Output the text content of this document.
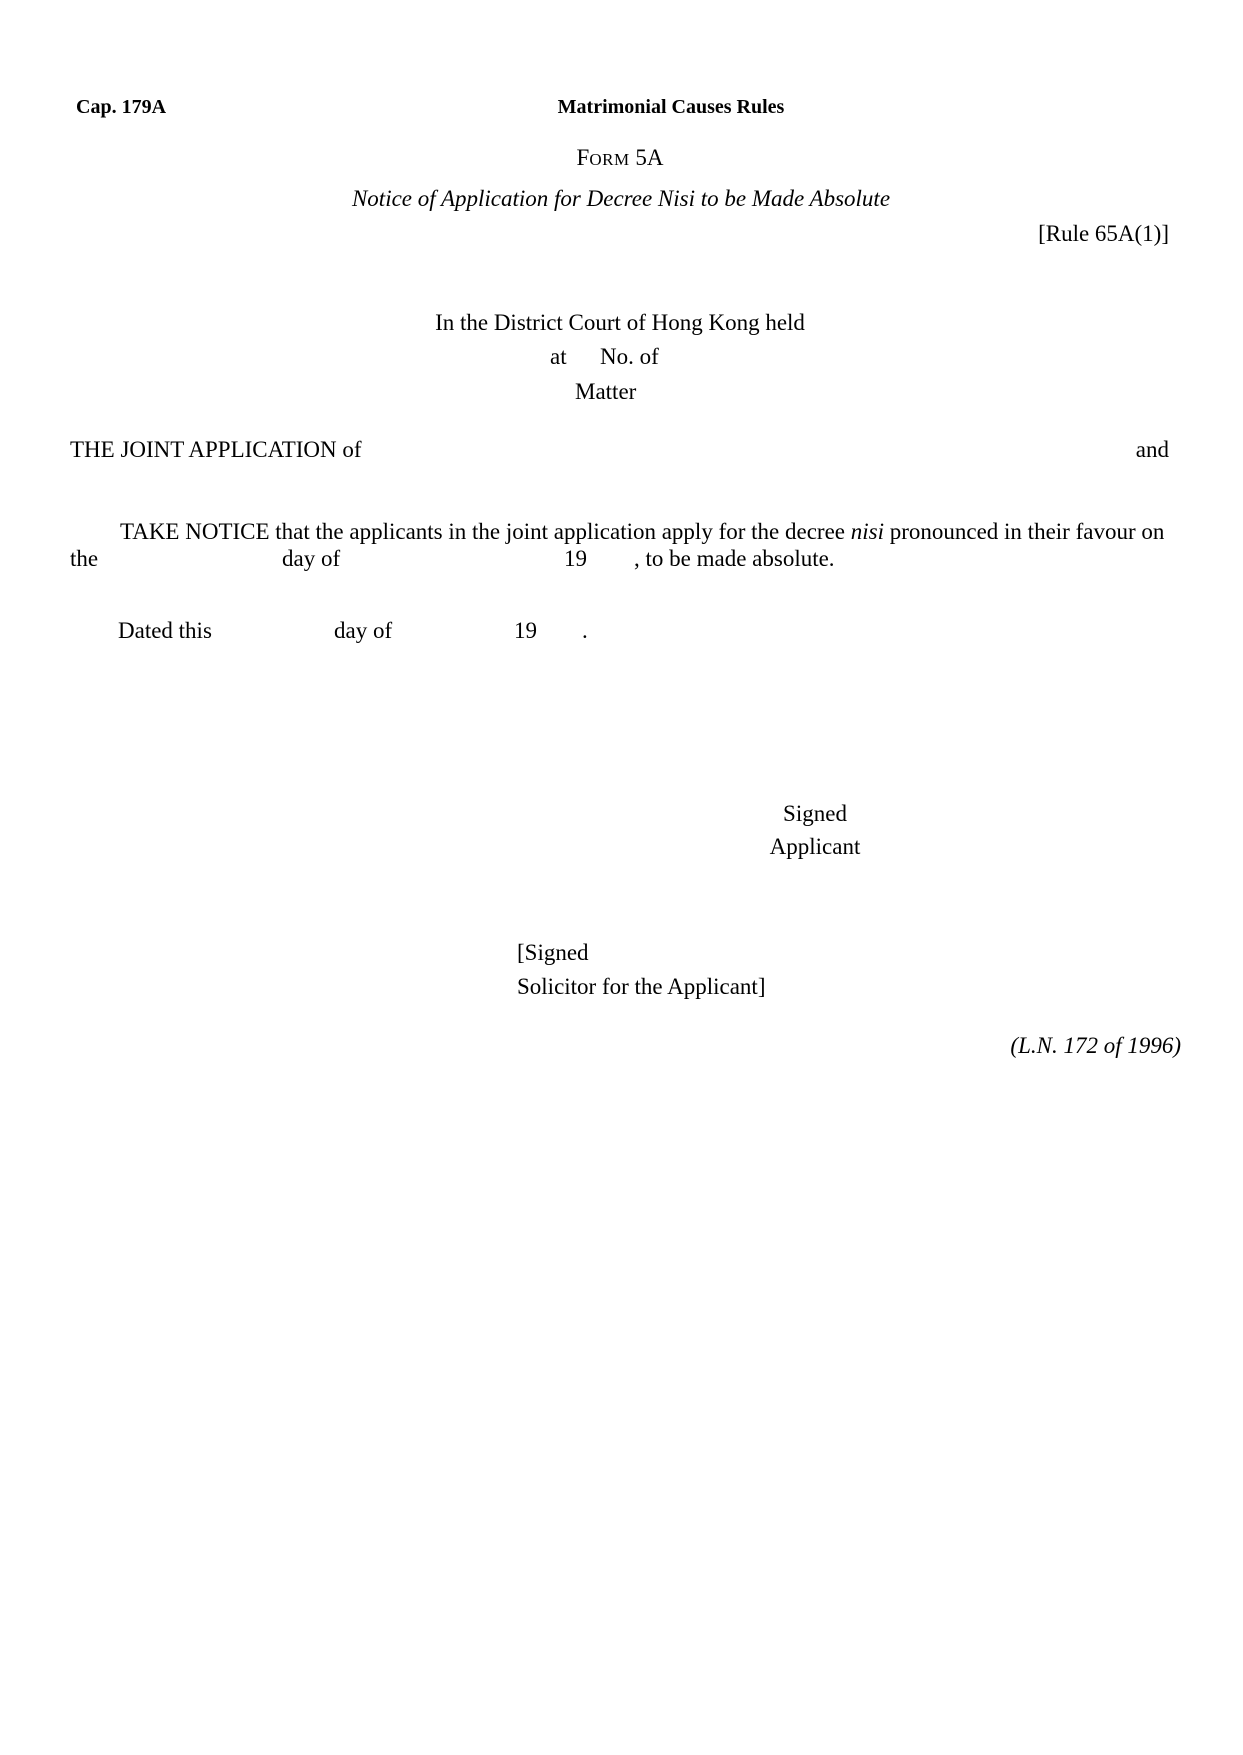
Cap. 179A	Matrimonial Causes Rules
FORM 5A
Notice of Application for Decree Nisi to be Made Absolute
[Rule 65A(1)]
In the District Court of Hong Kong held
at No. of
Matter
THE JOINT APPLICATION of	and
TAKE NOTICE that the applicants in the joint application apply for the decree nisi pronounced in their favour on
the	day of	19 , to be made absolute.
Dated this	day of	19 .
Signed
Applicant
[Signed
Solicitor for the Applicant]
(L.N. 172 of 1996)
